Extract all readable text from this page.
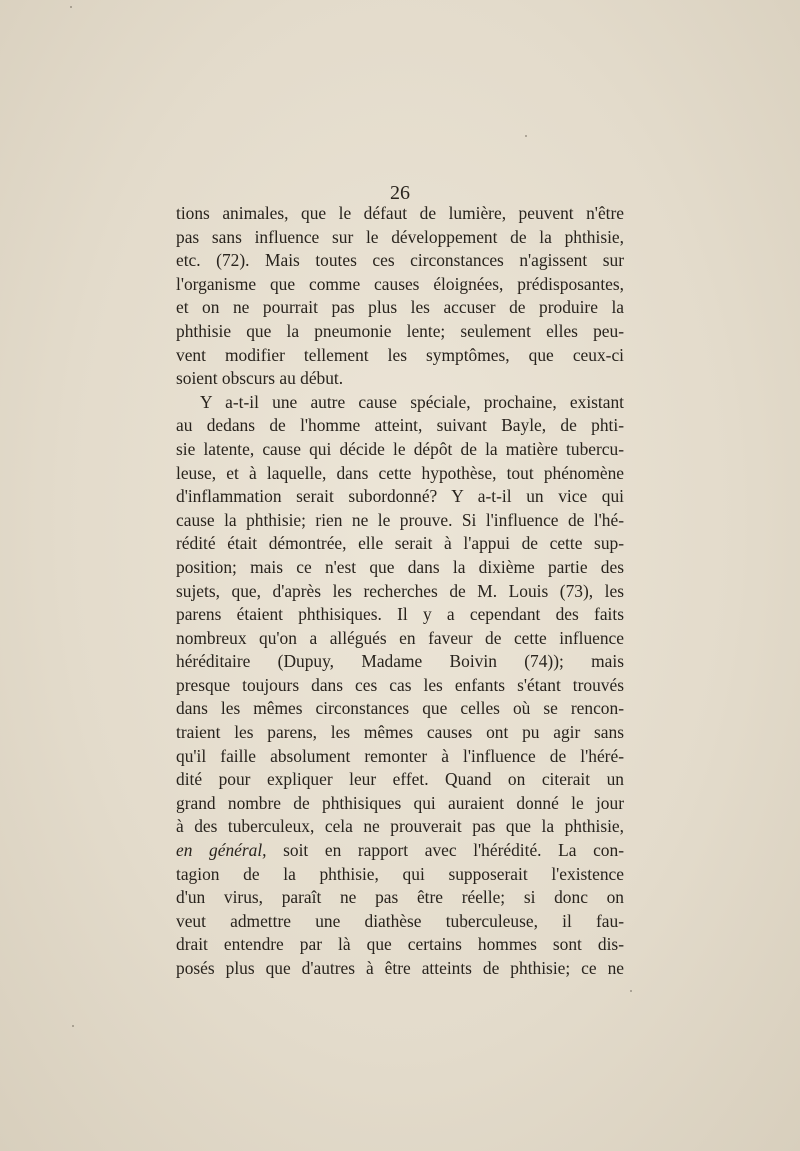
26
tions animales, que le défaut de lumière, peuvent n'être
pas sans influence sur le développement de la phthisie,
etc. (72). Mais toutes ces circonstances n'agissent sur
l'organisme que comme causes éloignées, prédisposantes,
et on ne pourrait pas plus les accuser de produire la
phthisie que la pneumonie lente; seulement elles peu-
vent modifier tellement les symptômes, que ceux-ci
soient obscurs au début.
Y a-t-il une autre cause spéciale, prochaine, existant
au dedans de l'homme atteint, suivant Bayle, de phti-
sie latente, cause qui décide le dépôt de la matière tubercu-
leuse, et à laquelle, dans cette hypothèse, tout phénomène
d'inflammation serait subordonné? Y a-t-il un vice qui
cause la phthisie; rien ne le prouve. Si l'influence de l'hé-
rédité était démontrée, elle serait à l'appui de cette sup-
position; mais ce n'est que dans la dixième partie des
sujets, que, d'après les recherches de M. Louis (73), les
parens étaient phthisiques. Il y a cependant des faits
nombreux qu'on a allégués en faveur de cette influence
héréditaire (Dupuy, Madame Boivin (74)); mais
presque toujours dans ces cas les enfants s'étant trouvés
dans les mêmes circonstances que celles où se rencon-
traient les parens, les mêmes causes ont pu agir sans
qu'il faille absolument remonter à l'influence de l'héré-
dité pour expliquer leur effet. Quand on citerait un
grand nombre de phthisiques qui auraient donné le jour
à des tuberculeux, cela ne prouverait pas que la phthisie,
en général, soit en rapport avec l'hérédité. La con-
tagion de la phthisie, qui supposerait l'existence
d'un virus, paraît ne pas être réelle; si donc on
veut admettre une diathèse tuberculeuse, il fau-
drait entendre par là que certains hommes sont dis-
posés plus que d'autres à être atteints de phthisie; ce ne
